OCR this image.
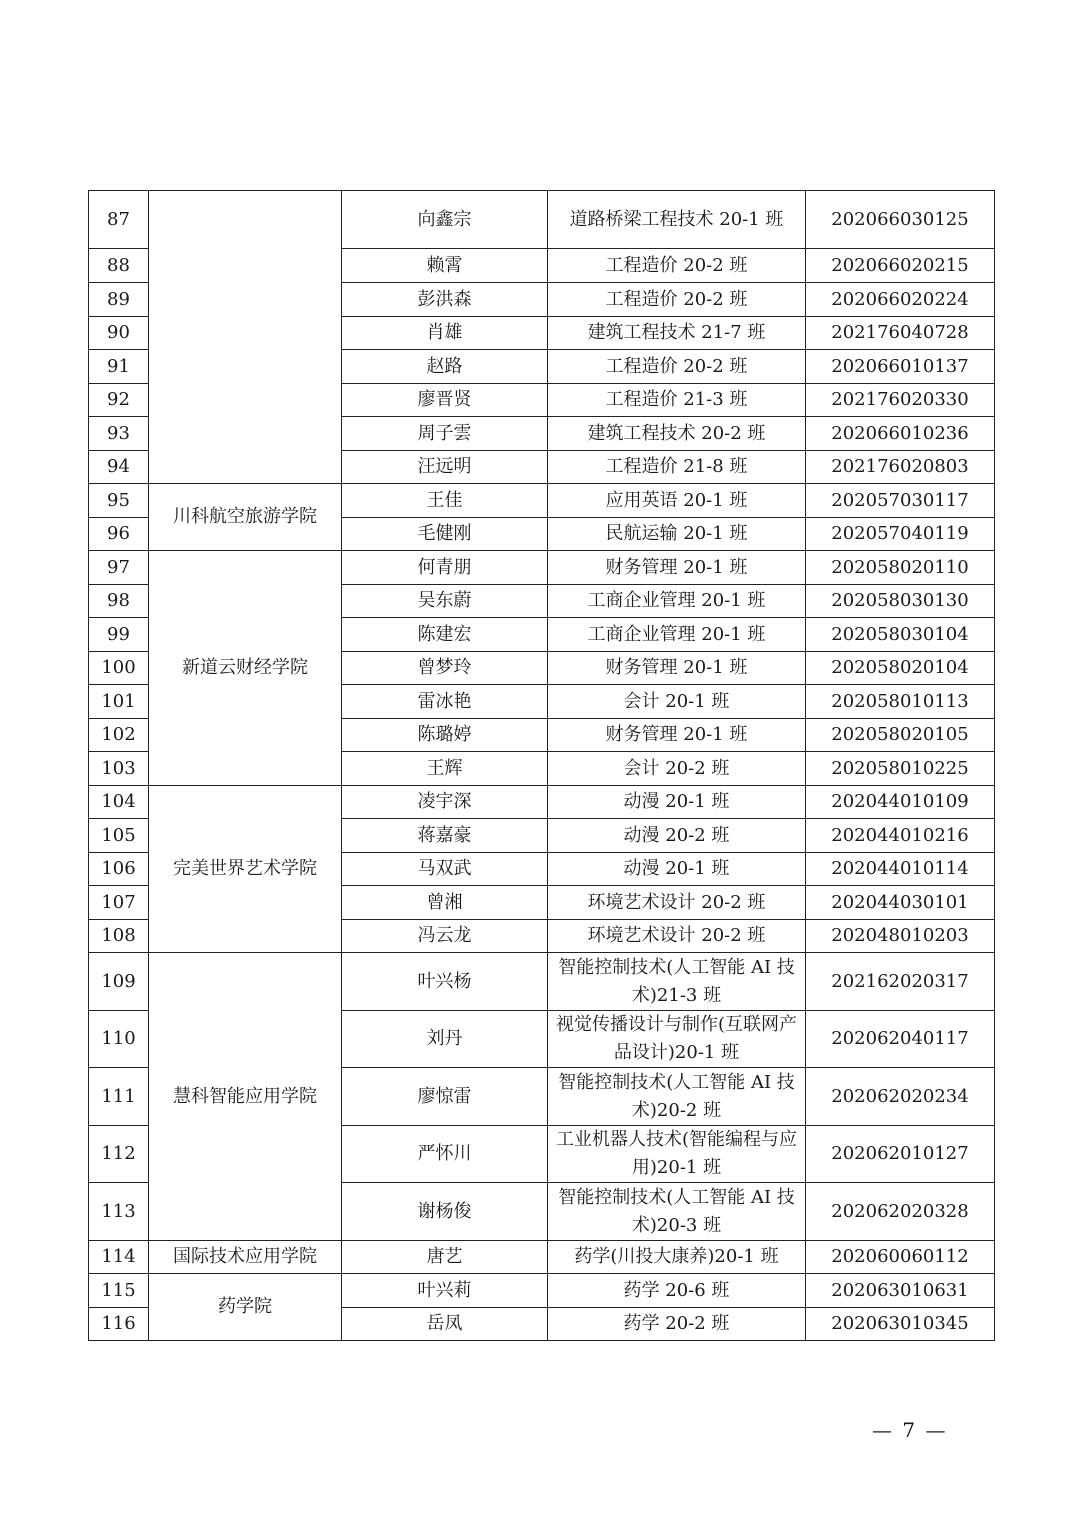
87		向鑫宗	道路桥梁工程技术 20-1 班	202066030125
88		赖霄	工程造价 20-2 班	202066020215
89		彭洪森	工程造价 20-2 班	202066020224
90		肖雄	建筑工程技术 21-7 班	202176040728
91		赵路	工程造价 20-2 班	202066010137
92		廖晋贤	工程造价 21-3 班	202176020330
93		周子雲	建筑工程技术 20-2 班	202066010236
94		汪远明	工程造价 21-8 班	202176020803
95	川科航空旅游学院	王佳	应用英语 20-1 班	202057030117
96		毛健刚	民航运输 20-1 班	202057040119
97	新道云财经学院	何青朋	财务管理 20-1 班	202058020110
98		吴东蔚	工商企业管理 20-1 班	202058030130
99		陈建宏	工商企业管理 20-1 班	202058030104
100		曾梦玲	财务管理 20-1 班	202058020104
101		雷冰艳	会计 20-1 班	202058010113
102		陈璐婷	财务管理 20-1 班	202058020105
103		王辉	会计 20-2 班	202058010225
104	完美世界艺术学院	凌宇深	动漫 20-1 班	202044010109
105		蒋嘉豪	动漫 20-2 班	202044010216
106		马双武	动漫 20-1 班	202044010114
107		曾湘	环境艺术设计 20-2 班	202044030101
108		冯云龙	环境艺术设计 20-2 班	202048010203
109	慧科智能应用学院	叶兴杨	智能控制技术(人工智能 AI 技术)21-3 班	202162020317
110		刘丹	视觉传播设计与制作(互联网产品设计)20-1 班	202062040117
111		廖惊雷	智能控制技术(人工智能 AI 技术)20-2 班	202062020234
112		严怀川	工业机器人技术(智能编程与应用)20-1 班	202062010127
113		谢杨俊	智能控制技术(人工智能 AI 技术)20-3 班	202062020328
114	国际技术应用学院	唐艺	药学(川投大康养)20-1 班	202060060112
115	药学院	叶兴莉	药学 20-6 班	202063010631
116		岳凤	药学 20-2 班	202063010345
— 7 —
